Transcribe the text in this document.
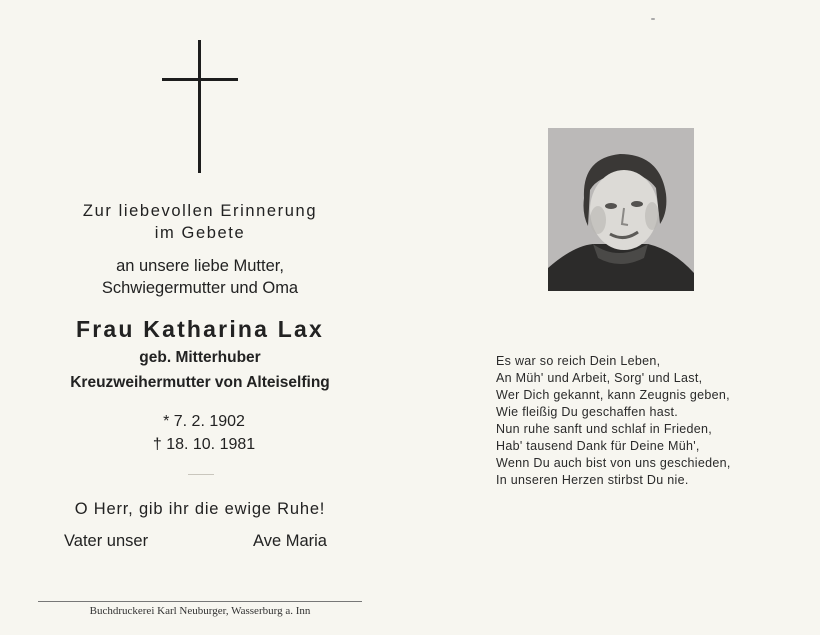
Zur liebevollen Erinnerung
im Gebete
an unsere liebe Mutter,
Schwiegermutter und Oma
Frau Katharina Lax
geb. Mitterhuber
Kreuzweihermutter von Alteiselfing
* 7. 2. 1902
† 18. 10. 1981
O Herr, gib ihr die ewige Ruhe!
Vater unser	Ave Maria
Buchdruckerei Karl Neuburger, Wasserburg a. Inn
Es war so reich Dein Leben,
An Müh' und Arbeit, Sorg' und Last,
Wer Dich gekannt, kann Zeugnis geben,
Wie fleißig Du geschaffen hast.
Nun ruhe sanft und schlaf in Frieden,
Hab' tausend Dank für Deine Müh',
Wenn Du auch bist von uns geschieden,
In unseren Herzen stirbst Du nie.
